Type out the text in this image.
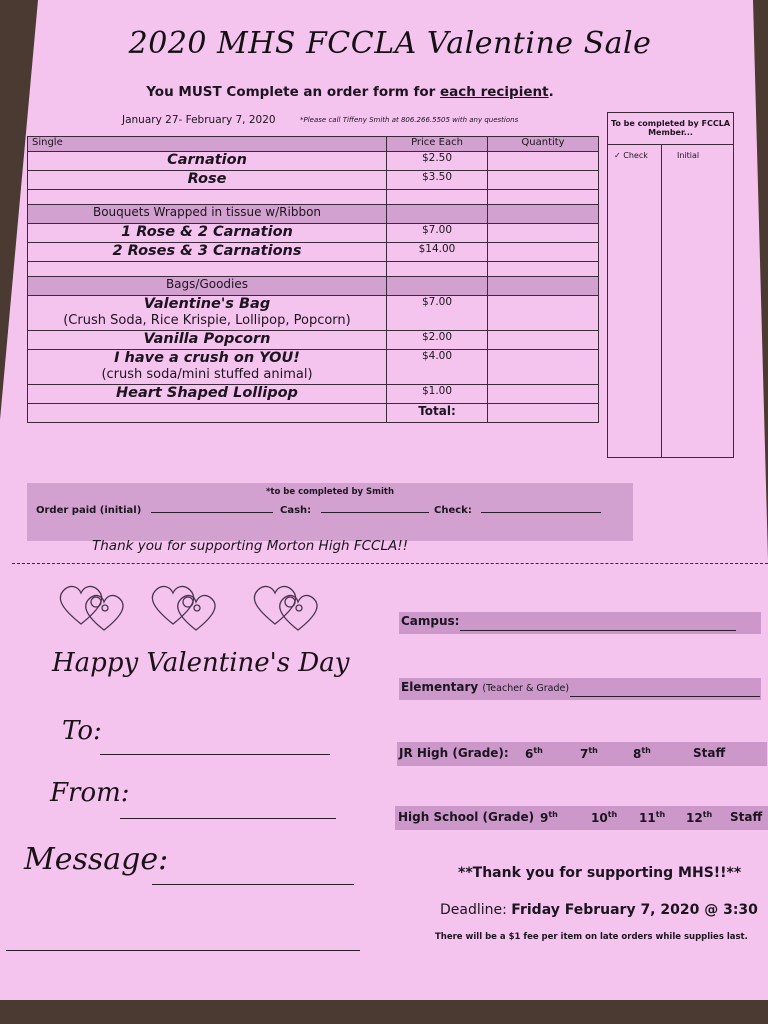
2020 MHS FCCLA Valentine Sale
You MUST Complete an order form for each recipient.
January 27- February 7, 2020	*Please call Tiffeny Smith at 806.266.5505 with any questions
Single	Price Each	Quantity
Carnation	$2.50	
Rose	$3.50	

Bouquets Wrapped in tissue w/Ribbon		
1 Rose & 2 Carnation	$7.00	
2 Roses & 3 Carnations	$14.00	

Bags/Goodies		
Valentine's Bag
(Crush Soda, Rice Krispie, Lollipop, Popcorn)	$7.00	
Vanilla Popcorn	$2.00	
I have a crush on YOU!
(crush soda/mini stuffed animal)	$4.00	
Heart Shaped Lollipop	$1.00	
	Total:	
To be completed by FCCLA Member...
✓ Check	Initial
*to be completed by Smith
Order paid (initial)	Cash:	Check:
Thank you for supporting Morton High FCCLA!!
Happy Valentine's Day
To:
From:
Message:
Campus:
Elementary (Teacher & Grade)
JR High (Grade): 6th	7th	8th	Staff
High School (Grade) 9th	10th 11th 12th Staff
**Thank you for supporting MHS!!**
Deadline: Friday February 7, 2020 @ 3:30
There will be a $1 fee per item on late orders while supplies last.
